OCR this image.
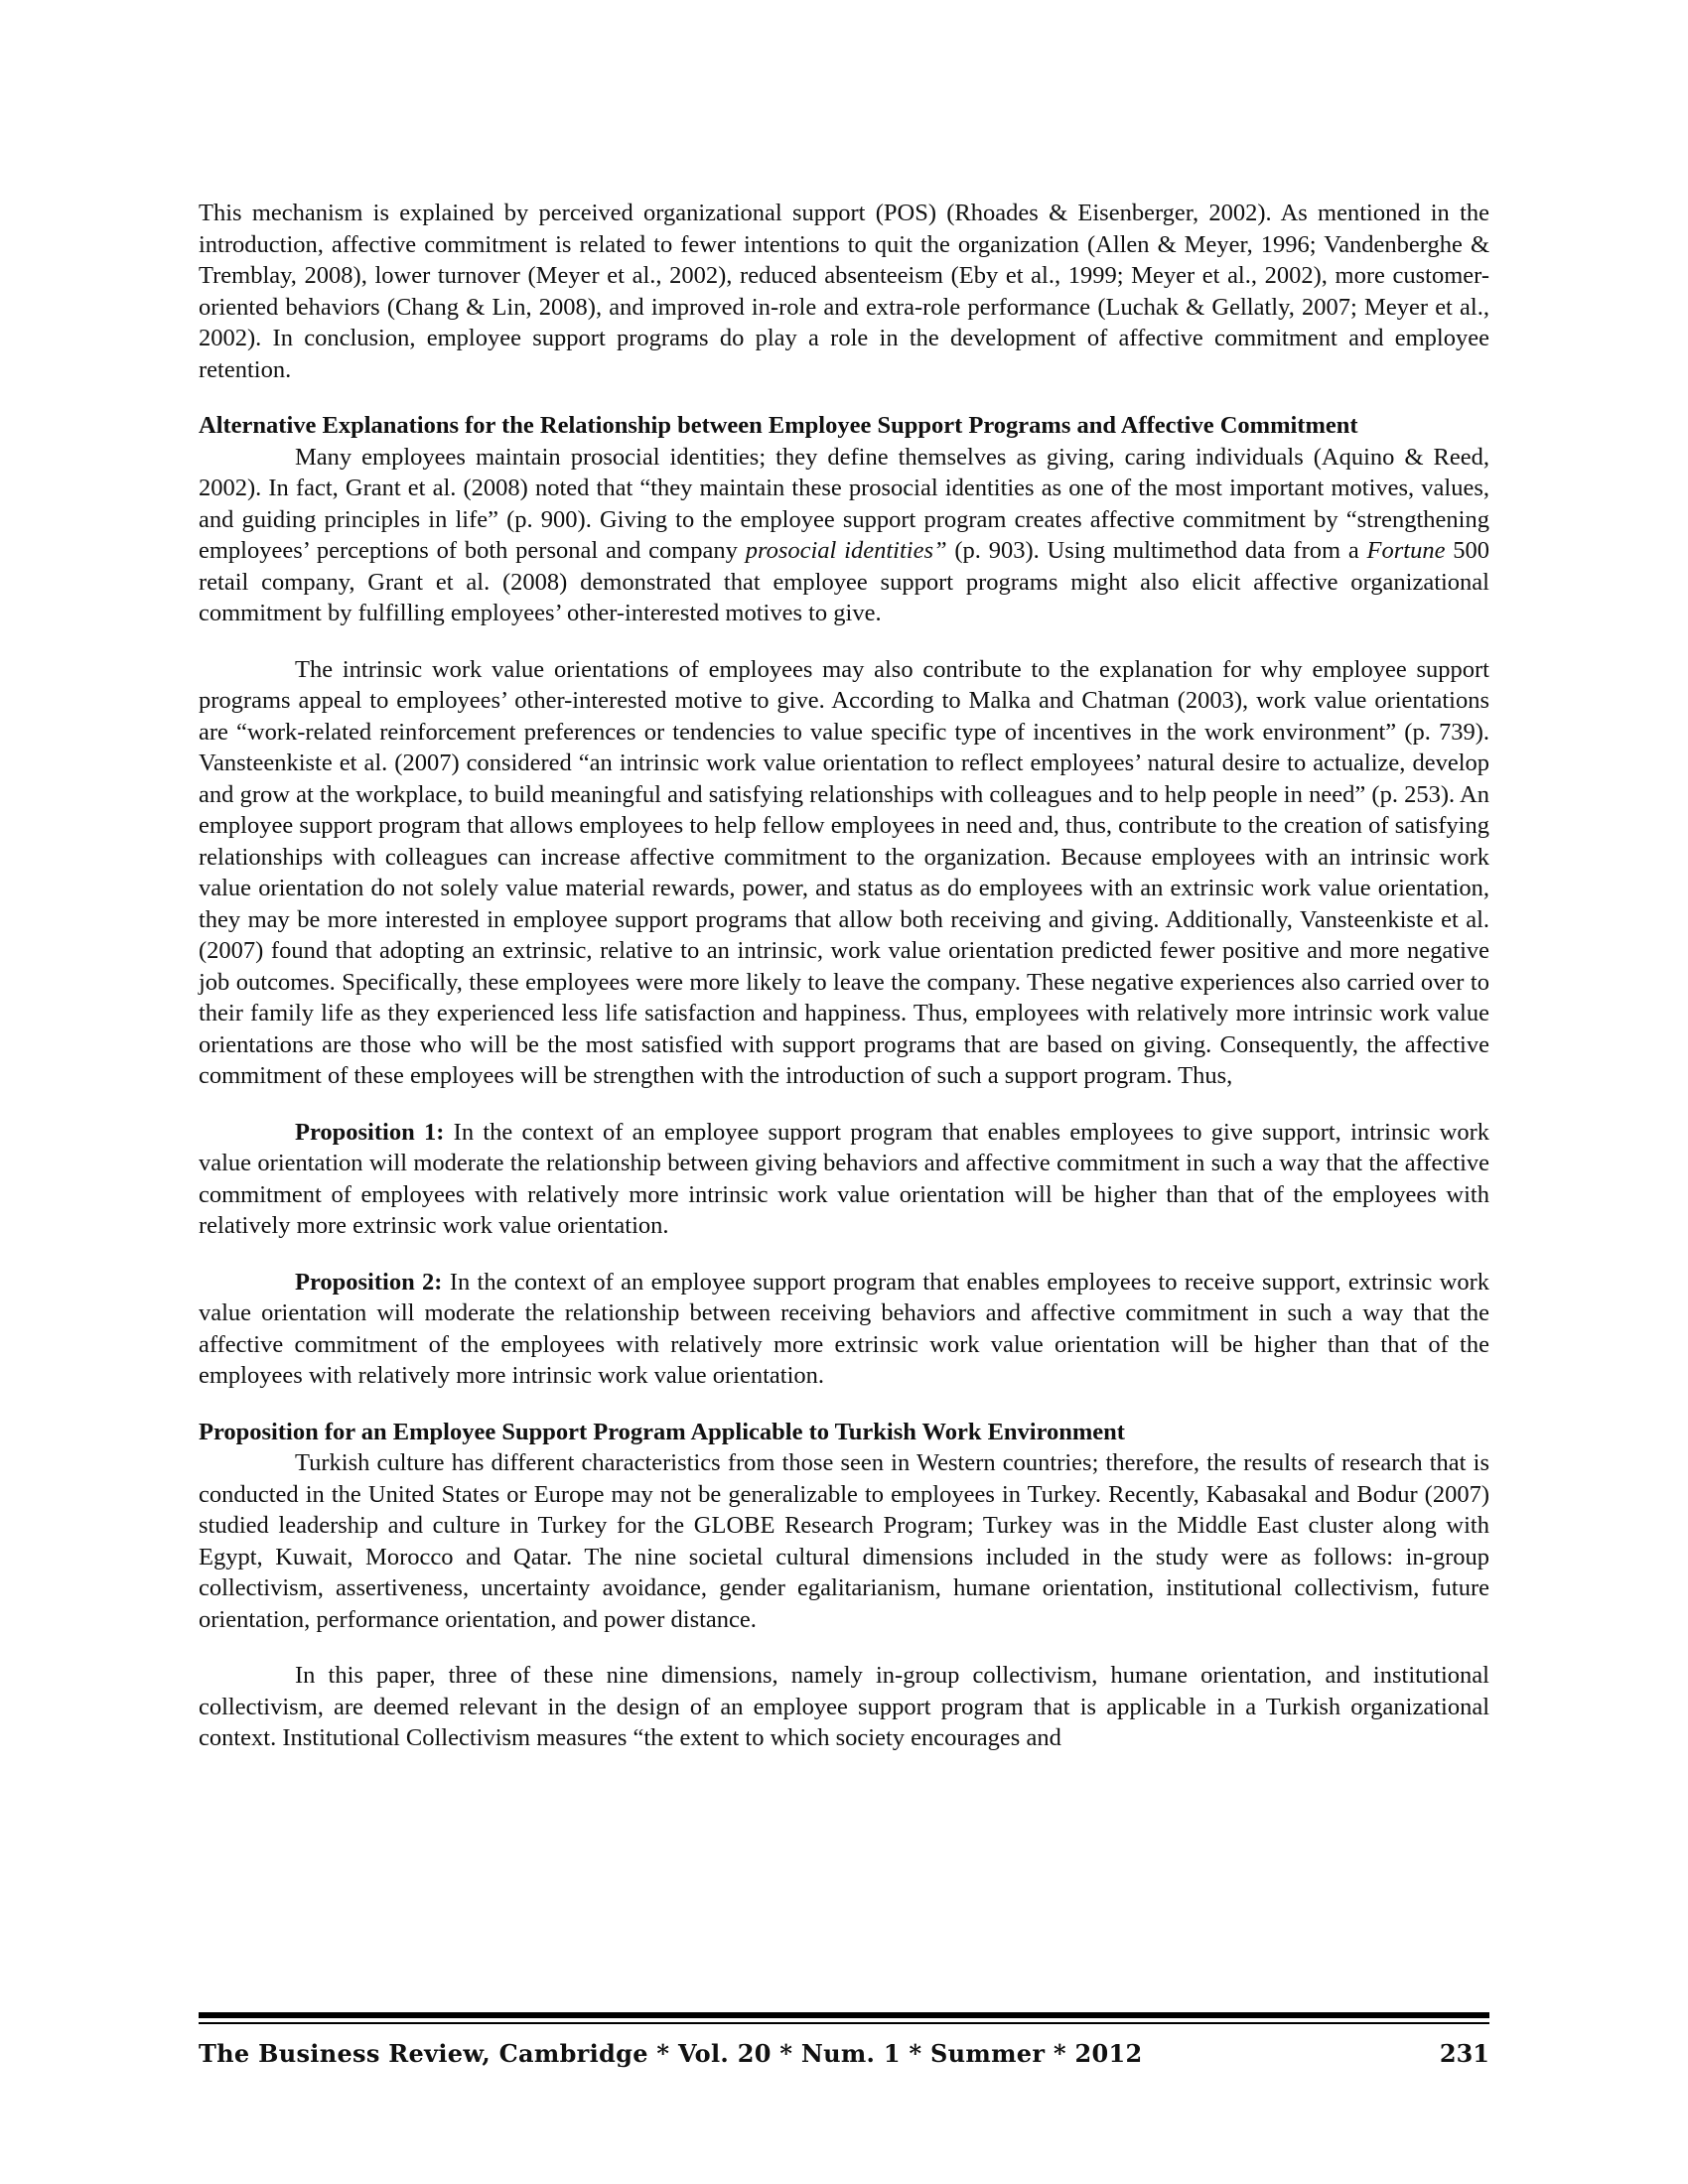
This mechanism is explained by perceived organizational support (POS) (Rhoades & Eisenberger, 2002). As mentioned in the introduction, affective commitment is related to fewer intentions to quit the organization (Allen & Meyer, 1996; Vandenberghe & Tremblay, 2008), lower turnover (Meyer et al., 2002), reduced absenteeism (Eby et al., 1999; Meyer et al., 2002), more customer-oriented behaviors (Chang & Lin, 2008), and improved in-role and extra-role performance (Luchak & Gellatly, 2007; Meyer et al., 2002). In conclusion, employee support programs do play a role in the development of affective commitment and employee retention.

Alternative Explanations for the Relationship between Employee Support Programs and Affective Commitment

Many employees maintain prosocial identities; they define themselves as giving, caring individuals (Aquino & Reed, 2002). In fact, Grant et al. (2008) noted that “they maintain these prosocial identities as one of the most important motives, values, and guiding principles in life” (p. 900). Giving to the employee support program creates affective commitment by “strengthening employees’ perceptions of both personal and company prosocial identities” (p. 903). Using multimethod data from a Fortune 500 retail company, Grant et al. (2008) demonstrated that employee support programs might also elicit affective organizational commitment by fulfilling employees’ other-interested motives to give.

The intrinsic work value orientations of employees may also contribute to the explanation for why employee support programs appeal to employees’ other-interested motive to give. According to Malka and Chatman (2003), work value orientations are “work-related reinforcement preferences or tendencies to value specific type of incentives in the work environment” (p. 739). Vansteenkiste et al. (2007) considered “an intrinsic work value orientation to reflect employees’ natural desire to actualize, develop and grow at the workplace, to build meaningful and satisfying relationships with colleagues and to help people in need” (p. 253). An employee support program that allows employees to help fellow employees in need and, thus, contribute to the creation of satisfying relationships with colleagues can increase affective commitment to the organization. Because employees with an intrinsic work value orientation do not solely value material rewards, power, and status as do employees with an extrinsic work value orientation, they may be more interested in employee support programs that allow both receiving and giving. Additionally, Vansteenkiste et al. (2007) found that adopting an extrinsic, relative to an intrinsic, work value orientation predicted fewer positive and more negative job outcomes. Specifically, these employees were more likely to leave the company. These negative experiences also carried over to their family life as they experienced less life satisfaction and happiness. Thus, employees with relatively more intrinsic work value orientations are those who will be the most satisfied with support programs that are based on giving. Consequently, the affective commitment of these employees will be strengthen with the introduction of such a support program. Thus,

Proposition 1: In the context of an employee support program that enables employees to give support, intrinsic work value orientation will moderate the relationship between giving behaviors and affective commitment in such a way that the affective commitment of employees with relatively more intrinsic work value orientation will be higher than that of the employees with relatively more extrinsic work value orientation.

Proposition 2: In the context of an employee support program that enables employees to receive support, extrinsic work value orientation will moderate the relationship between receiving behaviors and affective commitment in such a way that the affective commitment of the employees with relatively more extrinsic work value orientation will be higher than that of the employees with relatively more intrinsic work value orientation.

Proposition for an Employee Support Program Applicable to Turkish Work Environment

Turkish culture has different characteristics from those seen in Western countries; therefore, the results of research that is conducted in the United States or Europe may not be generalizable to employees in Turkey. Recently, Kabasakal and Bodur (2007) studied leadership and culture in Turkey for the GLOBE Research Program; Turkey was in the Middle East cluster along with Egypt, Kuwait, Morocco and Qatar. The nine societal cultural dimensions included in the study were as follows: in-group collectivism, assertiveness, uncertainty avoidance, gender egalitarianism, humane orientation, institutional collectivism, future orientation, performance orientation, and power distance.

In this paper, three of these nine dimensions, namely in-group collectivism, humane orientation, and institutional collectivism, are deemed relevant in the design of an employee support program that is applicable in a Turkish organizational context. Institutional Collectivism measures “the extent to which society encourages and

The Business Review, Cambridge * Vol. 20 * Num. 1 * Summer * 2012	231
